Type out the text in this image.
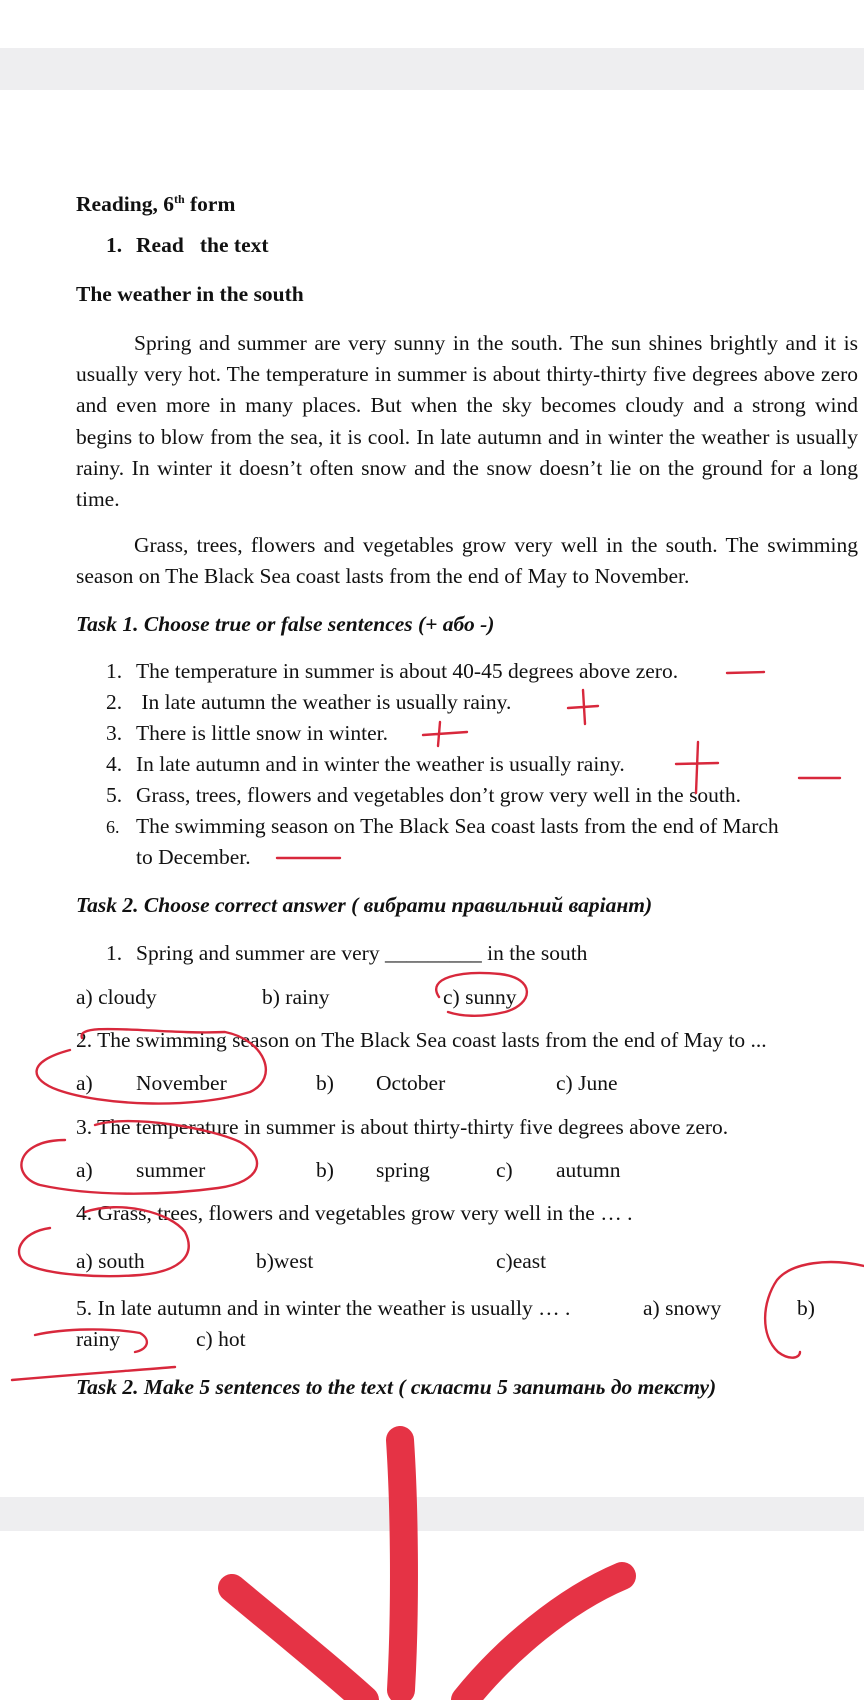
Reading, 6th form
1. Read   the text
The weather in the south
Spring and summer are very sunny in the south. The sun shines brightly and it is usually very hot. The temperature in summer is about thirty-thirty five degrees above zero and even more in many places. But when the sky becomes cloudy and a strong wind begins to blow from the sea, it is cool. In late autumn and in winter the weather is usually rainy. In winter it doesn’t often snow and the snow doesn’t lie on the ground for a long time.
Grass, trees, flowers and vegetables grow very well in the south. The swimming season on The Black Sea coast lasts from the end of May to November.
Task 1. Choose true or false sentences (+ або -)
1. The temperature in summer is about 40-45 degrees above zero.
2. In late autumn the weather is usually rainy.
3. There is little snow in winter.
4. In late autumn and in winter the weather is usually rainy.
5. Grass, trees, flowers and vegetables don’t grow very well in the south.
6. The swimming season on The Black Sea coast lasts from the end of March
to December.
Task 2. Choose correct answer ( вибрати правильний варіант)
1. Spring and summer are very _________ in the south
a) cloudy	b) rainy	c) sunny
2. The swimming season on The Black Sea coast lasts from the end of May to ...
a) November	b) October	c) June
3. The temperature in summer is about thirty-thirty five degrees above zero.
a) summer	b) spring	c) autumn
4. Grass, trees, flowers and vegetables grow very well in the … .
a) south	b)west	c)east
5. In late autumn and in winter the weather is usually … .	a) snowy	b)
rainy	c) hot
Task 2. Make 5 sentences to the text ( скласти 5 запитань до тексту)
